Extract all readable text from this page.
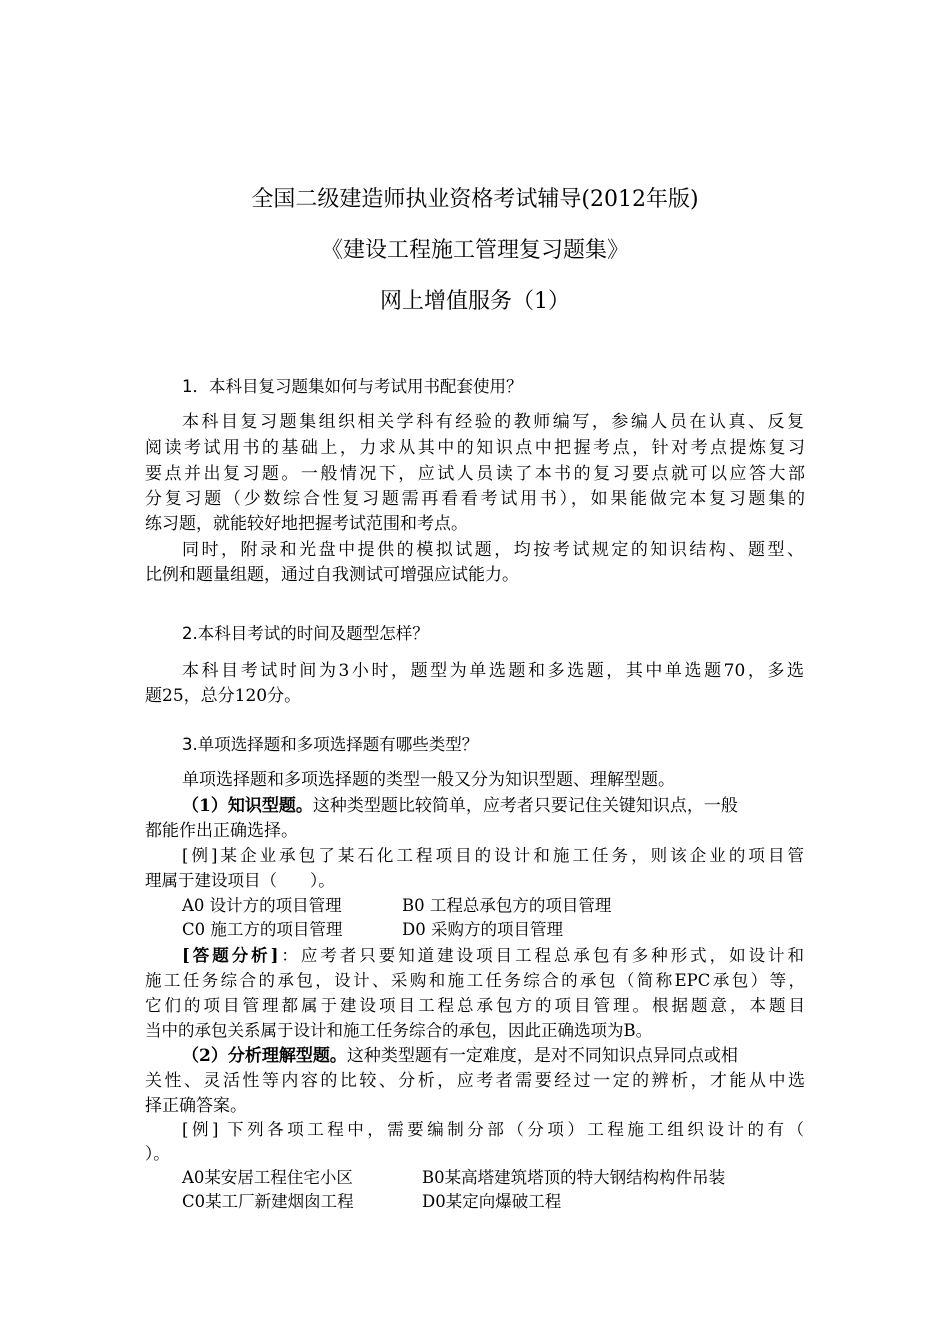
全国二级建造师执业资格考试辅导(2012年版)
《建设工程施工管理复习题集》
网上增值服务（1）
1．本科目复习题集如何与考试用书配套使用？
本科目复习题集组织相关学科有经验的教师编写，参编人员在认真、反复
阅读考试用书的基础上，力求从其中的知识点中把握考点，针对考点提炼复习
要点并出复习题。一般情况下，应试人员读了本书的复习要点就可以应答大部
分复习题（少数综合性复习题需再看看考试用书），如果能做完本复习题集的
练习题，就能较好地把握考试范围和考点。
同时，附录和光盘中提供的模拟试题，均按考试规定的知识结构、题型、
比例和题量组题，通过自我测试可增强应试能力。
2.本科目考试的时间及题型怎样？
本科目考试时间为3小时，题型为单选题和多选题，其中单选题70，多选
题25，总分120分。
3.单项选择题和多项选择题有哪些类型？
单项选择题和多项选择题的类型一般又分为知识型题、理解型题。
（1）知识型题。这种类型题比较简单，应考者只要记住关键知识点，一般
都能作出正确选择。
[例]某企业承包了某石化工程项目的设计和施工任务，则该企业的项目管
理属于建设项目（　　）。
A0 设计方的项目管理	B0 工程总承包方的项目管理
C0 施工方的项目管理	D0 采购方的项目管理
[答题分析]：应考者只要知道建设项目工程总承包有多种形式，如设计和
施工任务综合的承包，设计、采购和施工任务综合的承包（简称EPC承包）等，
它们的项目管理都属于建设项目工程总承包方的项目管理。根据题意，本题目
当中的承包关系属于设计和施工任务综合的承包，因此正确选项为B。
（2）分析理解型题。这种类型题有一定难度，是对不同知识点异同点或相
关性、灵活性等内容的比较、分析，应考者需要经过一定的辨析，才能从中选
择正确答案。
[例] 下列各项工程中，需要编制分部（分项）工程施工组织设计的有（
）。
A0某安居工程住宅小区	B0某高塔建筑塔顶的特大钢结构构件吊装
C0某工厂新建烟囱工程	D0某定向爆破工程
